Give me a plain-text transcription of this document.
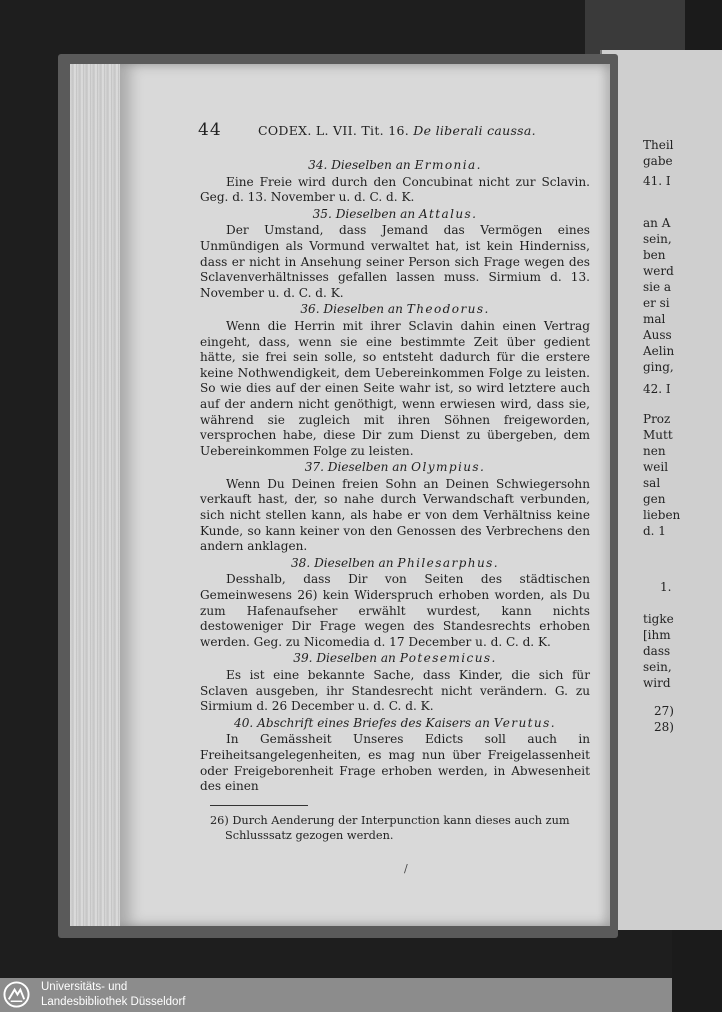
Theil
gabe
41. I
an A
sein,
ben
werd
sie a
er si
mal
Auss
Aelin
ging,
42. I
Proz
Mutt
nen
weil
sal
gen
lieben
d. 1
1.
tigke
[ihm
dass
sein,
wird
27)
28)
44	CODEX. L. VII. Tit. 16. De liberali caussa.
34. Dieselben an Ermonia.
Eine Freie wird durch den Concubinat nicht zur Sclavin. Geg. d. 13. November u. d. C. d. K.
35. Dieselben an Attalus.
Der Umstand, dass Jemand das Vermögen eines Unmündigen als Vormund verwaltet hat, ist kein Hinderniss, dass er nicht in Ansehung seiner Person sich Frage wegen des Sclavenverhältnisses gefallen lassen muss. Sirmium d. 13. November u. d. C. d. K.
36. Dieselben an Theodorus.
Wenn die Herrin mit ihrer Sclavin dahin einen Vertrag eingeht, dass, wenn sie eine bestimmte Zeit über gedient hätte, sie frei sein solle, so entsteht dadurch für die erstere keine Nothwendigkeit, dem Uebereinkommen Folge zu leisten. So wie dies auf der einen Seite wahr ist, so wird letztere auch auf der andern nicht genöthigt, wenn erwiesen wird, dass sie, während sie zugleich mit ihren Söhnen freigeworden, versprochen habe, diese Dir zum Dienst zu übergeben, dem Uebereinkommen Folge zu leisten.
37. Dieselben an Olympius.
Wenn Du Deinen freien Sohn an Deinen Schwiegersohn verkauft hast, der, so nahe durch Verwandschaft verbunden, sich nicht stellen kann, als habe er von dem Verhältniss keine Kunde, so kann keiner von den Genossen des Verbrechens den andern anklagen.
38. Dieselben an Philesarphus.
Desshalb, dass Dir von Seiten des städtischen Gemeinwesens 26) kein Widerspruch erhoben worden, als Du zum Hafenaufseher erwählt wurdest, kann nichts destoweniger Dir Frage wegen des Standesrechts erhoben werden. Geg. zu Nicomedia d. 17 December u. d. C. d. K.
39. Dieselben an Potesemicus.
Es ist eine bekannte Sache, dass Kinder, die sich für Sclaven ausgeben, ihr Standesrecht nicht verändern. G. zu Sirmium d. 26 December u. d. C. d. K.
40. Abschrift eines Briefes des Kaisers an Verutus.
In Gemässheit Unseres Edicts soll auch in Freiheitsangelegenheiten, es mag nun über Freigelassenheit oder Freigeborenheit Frage erhoben werden, in Abwesenheit des einen
26) Durch Aenderung der Interpunction kann dieses auch zum
Schlusssatz gezogen werden.
/
Universitäts- und
Landesbibliothek Düsseldorf
